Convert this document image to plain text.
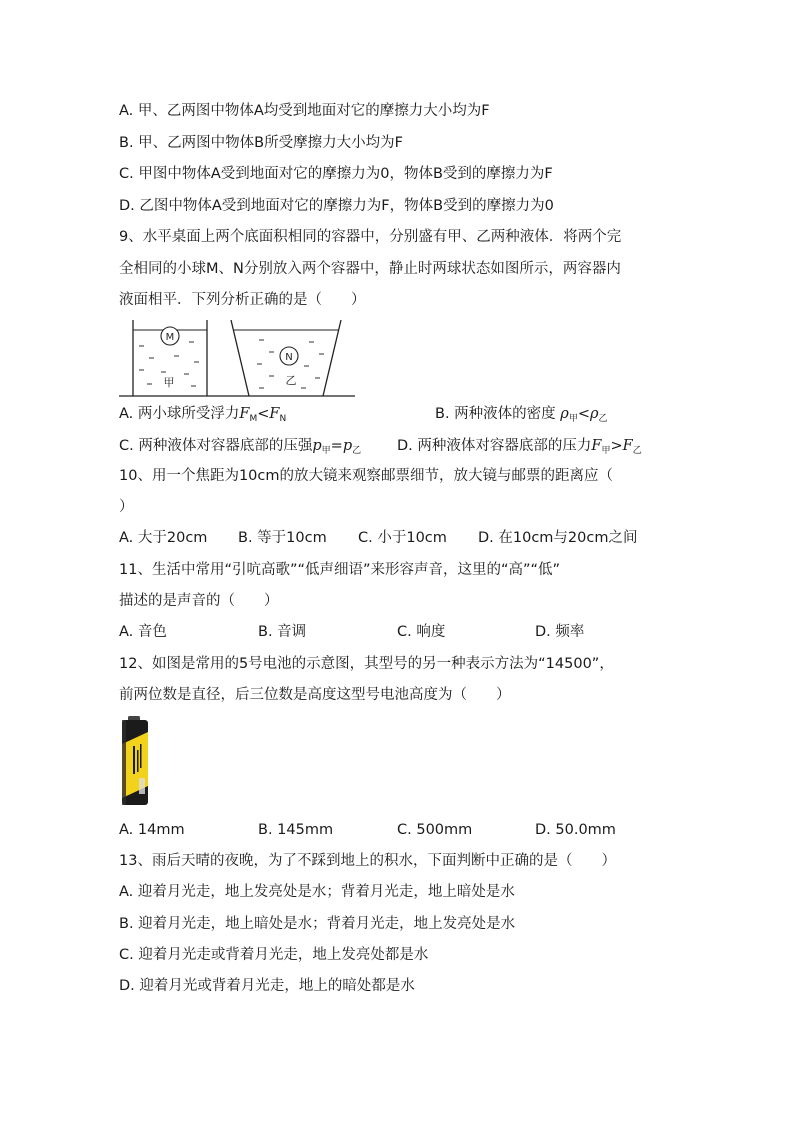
A. 甲、乙两图中物体A均受到地面对它的摩擦力大小均为F
B. 甲、乙两图中物体B所受摩擦力大小均为F
C. 甲图中物体A受到地面对它的摩擦力为0，物体B受到的摩擦力为F
D. 乙图中物体A受到地面对它的摩擦力为F，物体B受到的摩擦力为0
9、水平桌面上两个底面积相同的容器中，分别盛有甲、乙两种液体．将两个完
全相同的小球M、N分别放入两个容器中，静止时两球状态如图所示，两容器内
液面相平．下列分析正确的是（　　）
M
甲
N
乙
A. 两小球所受浮力$F_M<F_N$	B. 两种液体的密度 $\rho_甲<\rho_乙$
C. 两种液体对容器底部的压强$p_甲=p_乙$ D. 两种液体对容器底部的压力$F_甲>F_乙$
10、用一个焦距为10cm的放大镜来观察邮票细节，放大镜与邮票的距离应（
）
A. 大于20cm B. 等于10cm C. 小于10cm D. 在10cm与20cm之间
11、生活中常用“引吭高歌”“低声细语”来形容声音，这里的“高”“低”
描述的是声音的（　　）
A. 音色	B. 音调	C. 响度	D. 频率
12、如图是常用的5号电池的示意图，其型号的另一种表示方法为“14500”，
前两位数是直径，后三位数是高度这型号电池高度为（　　）
A. 14mm	B. 145mm	C. 500mm	D. 50.0mm
13、雨后天晴的夜晚，为了不踩到地上的积水，下面判断中正确的是（　　）
A. 迎着月光走，地上发亮处是水；背着月光走，地上暗处是水
B. 迎着月光走，地上暗处是水；背着月光走，地上发亮处是水
C. 迎着月光走或背着月光走，地上发亮处都是水
D. 迎着月光或背着月光走，地上的暗处都是水
